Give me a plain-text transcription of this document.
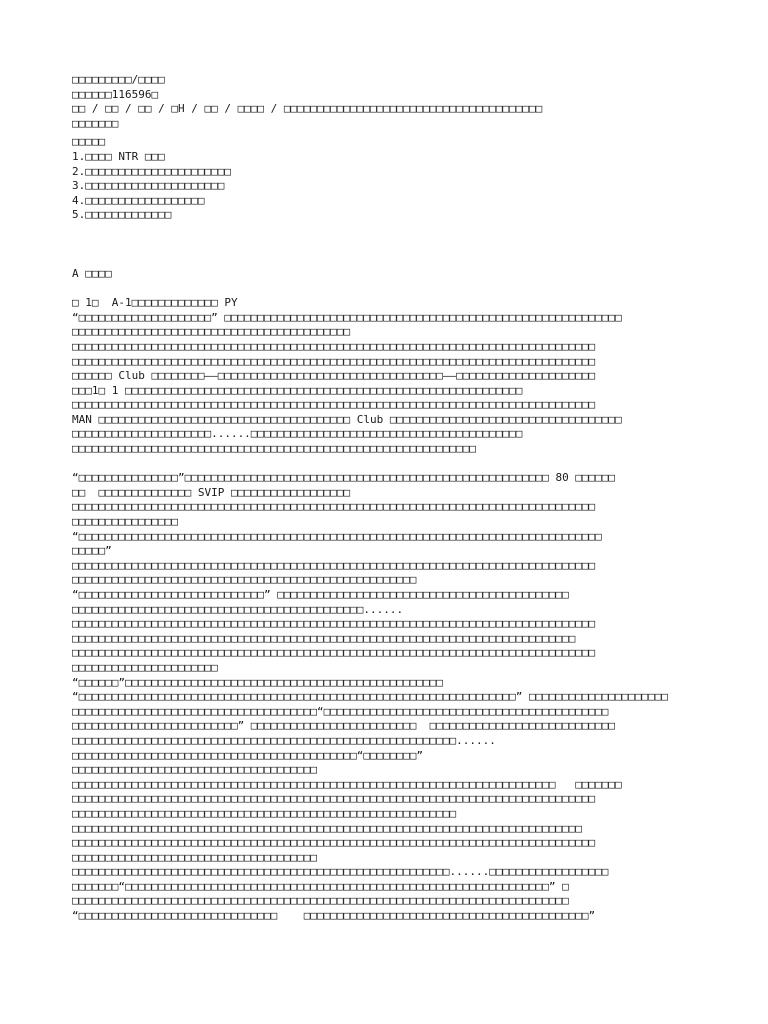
□□□□□□□□□/□□□□
□□□□□□116596□
□□ / □□ / □□ / □H / □□ / □□□□ / □□□□□□□□□□□□□□□□□□□□□□□□□□□□□□□□□□□□□□□
□□□□□□□
□□□□□
1.□□□□ NTR □□□
2.□□□□□□□□□□□□□□□□□□□□□□
3.□□□□□□□□□□□□□□□□□□□□□
4.□□□□□□□□□□□□□□□□□□
5.□□□□□□□□□□□□□
A □□□□
□ 1□  A-1□□□□□□□□□□□□□ PY
“□□□□□□□□□□□□□□□□□□□□” □□□□□□□□□□□□□□□□□□□□□□□□□□□□□□□□□□□□□□□□□□□□□□□□□□□□□□□□□□□□
□□□□□□□□□□□□□□□□□□□□□□□□□□□□□□□□□□□□□□□□□□
□□□□□□□□□□□□□□□□□□□□□□□□□□□□□□□□□□□□□□□□□□□□□□□□□□□□□□□□□□□□□□□□□□□□□□□□□□□□□□□
□□□□□□□□□□□□□□□□□□□□□□□□□□□□□□□□□□□□□□□□□□□□□□□□□□□□□□□□□□□□□□□□□□□□□□□□□□□□□□□
□□□□□□ Club □□□□□□□□——□□□□□□□□□□□□□□□□□□□□□□□□□□□□□□□□□□——□□□□□□□□□□□□□□□□□□□□□
□□□1□ 1 □□□□□□□□□□□□□□□□□□□□□□□□□□□□□□□□□□□□□□□□□□□□□□□□□□□□□□□□□□□□
□□□□□□□□□□□□□□□□□□□□□□□□□□□□□□□□□□□□□□□□□□□□□□□□□□□□□□□□□□□□□□□□□□□□□□□□□□□□□□□
MAN □□□□□□□□□□□□□□□□□□□□□□□□□□□□□□□□□□□□□□ Club □□□□□□□□□□□□□□□□□□□□□□□□□□□□□□□□□□□
□□□□□□□□□□□□□□□□□□□□□......□□□□□□□□□□□□□□□□□□□□□□□□□□□□□□□□□□□□□□□□□
□□□□□□□□□□□□□□□□□□□□□□□□□□□□□□□□□□□□□□□□□□□□□□□□□□□□□□□□□□□□□
“□□□□□□□□□□□□□□□”□□□□□□□□□□□□□□□□□□□□□□□□□□□□□□□□□□□□□□□□□□□□□□□□□□□□□□□ 80 □□□□□□
□□  □□□□□□□□□□□□□□ SVIP □□□□□□□□□□□□□□□□□□
□□□□□□□□□□□□□□□□□□□□□□□□□□□□□□□□□□□□□□□□□□□□□□□□□□□□□□□□□□□□□□□□□□□□□□□□□□□□□□□
□□□□□□□□□□□□□□□□
“□□□□□□□□□□□□□□□□□□□□□□□□□□□□□□□□□□□□□□□□□□□□□□□□□□□□□□□□□□□□□□□□□□□□□□□□□□□□□□□
□□□□□”
□□□□□□□□□□□□□□□□□□□□□□□□□□□□□□□□□□□□□□□□□□□□□□□□□□□□□□□□□□□□□□□□□□□□□□□□□□□□□□□
□□□□□□□□□□□□□□□□□□□□□□□□□□□□□□□□□□□□□□□□□□□□□□□□□□□□
“□□□□□□□□□□□□□□□□□□□□□□□□□□□□” □□□□□□□□□□□□□□□□□□□□□□□□□□□□□□□□□□□□□□□□□□□□
□□□□□□□□□□□□□□□□□□□□□□□□□□□□□□□□□□□□□□□□□□□□......
□□□□□□□□□□□□□□□□□□□□□□□□□□□□□□□□□□□□□□□□□□□□□□□□□□□□□□□□□□□□□□□□□□□□□□□□□□□□□□□
□□□□□□□□□□□□□□□□□□□□□□□□□□□□□□□□□□□□□□□□□□□□□□□□□□□□□□□□□□□□□□□□□□□□□□□□□□□□
□□□□□□□□□□□□□□□□□□□□□□□□□□□□□□□□□□□□□□□□□□□□□□□□□□□□□□□□□□□□□□□□□□□□□□□□□□□□□□□
□□□□□□□□□□□□□□□□□□□□□□
“□□□□□□”□□□□□□□□□□□□□□□□□□□□□□□□□□□□□□□□□□□□□□□□□□□□□□□□
“□□□□□□□□□□□□□□□□□□□□□□□□□□□□□□□□□□□□□□□□□□□□□□□□□□□□□□□□□□□□□□□□□□” □□□□□□□□□□□□□□□□□□□□□
□□□□□□□□□□□□□□□□□□□□□□□□□□□□□□□□□□□□□“□□□□□□□□□□□□□□□□□□□□□□□□□□□□□□□□□□□□□□□□□□□
□□□□□□□□□□□□□□□□□□□□□□□□□” □□□□□□□□□□□□□□□□□□□□□□□□□  □□□□□□□□□□□□□□□□□□□□□□□□□□□□
□□□□□□□□□□□□□□□□□□□□□□□□□□□□□□□□□□□□□□□□□□□□□□□□□□□□□□□□□□......
□□□□□□□□□□□□□□□□□□□□□□□□□□□□□□□□□□□□□□□□□□□“□□□□□□□□”
□□□□□□□□□□□□□□□□□□□□□□□□□□□□□□□□□□□□□
□□□□□□□□□□□□□□□□□□□□□□□□□□□□□□□□□□□□□□□□□□□□□□□□□□□□□□□□□□□□□□□□□□□□□□□□□   □□□□□□□
□□□□□□□□□□□□□□□□□□□□□□□□□□□□□□□□□□□□□□□□□□□□□□□□□□□□□□□□□□□□□□□□□□□□□□□□□□□□□□□
□□□□□□□□□□□□□□□□□□□□□□□□□□□□□□□□□□□□□□□□□□□□□□□□□□□□□□□□□□
□□□□□□□□□□□□□□□□□□□□□□□□□□□□□□□□□□□□□□□□□□□□□□□□□□□□□□□□□□□□□□□□□□□□□□□□□□□□□
□□□□□□□□□□□□□□□□□□□□□□□□□□□□□□□□□□□□□□□□□□□□□□□□□□□□□□□□□□□□□□□□□□□□□□□□□□□□□□□
□□□□□□□□□□□□□□□□□□□□□□□□□□□□□□□□□□□□□
□□□□□□□□□□□□□□□□□□□□□□□□□□□□□□□□□□□□□□□□□□□□□□□□□□□□□□□□□......□□□□□□□□□□□□□□□□□□
□□□□□□□“□□□□□□□□□□□□□□□□□□□□□□□□□□□□□□□□□□□□□□□□□□□□□□□□□□□□□□□□□□□□□□□□” □
□□□□□□□□□□□□□□□□□□□□□□□□□□□□□□□□□□□□□□□□□□□□□□□□□□□□□□□□□□□□□□□□□□□□□□□□□□□
“□□□□□□□□□□□□□□□□□□□□□□□□□□□□□□    □□□□□□□□□□□□□□□□□□□□□□□□□□□□□□□□□□□□□□□□□□□”
